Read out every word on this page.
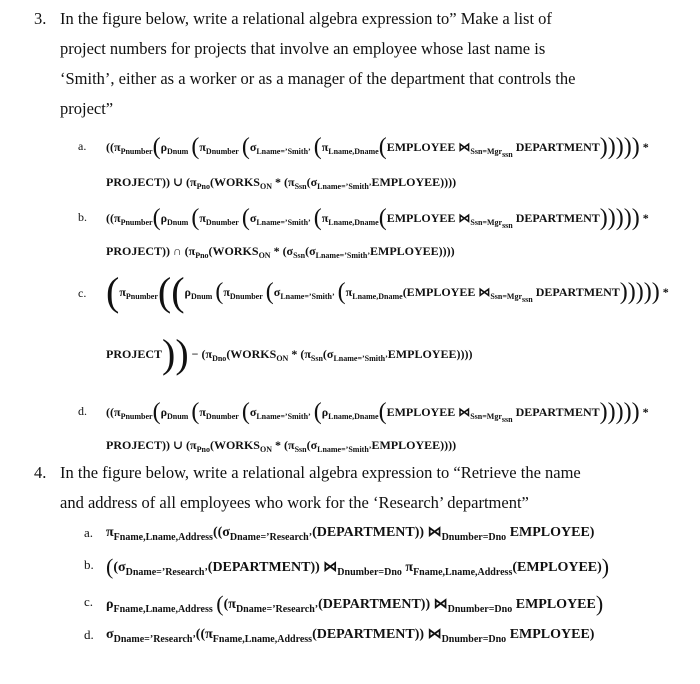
3. In the figure below, write a relational algebra expression to” Make a list of
project numbers for projects that involve an employee whose last name is
‘Smith’, either as a worker or as a manager of the department that controls the
project”
a. (($\pi_{Pnumber}(\rho_{Dnum}$ ($\pi_{Dnumber}$ ($\sigma_{Lname=’Smith’}$ ($\pi_{Lname,Dname}(EMPLOYEE$ $⋈_{Ssn=Mgr_{ssn}}$ DEPARTMENT))))) *
PROJECT)) ∪ ($\pi_{Pno}(WORKS_{ON}$ * $(\pi_{Ssn}(\sigma_{Lname=’Smith’}EMPLOYEE))$))
b. (($\pi_{Pnumber}(\rho_{Dnum}$ ($\pi_{Dnumber}$ ($\sigma_{Lname=’Smith’}$ ($\pi_{Lname,Dname}(EMPLOYEE$ $⋈_{Ssn=Mgr_{ssn}}$ DEPARTMENT))))) *
PROJECT)) ∩ ($\pi_{Pno}(WORKS_{ON}$ * $(\sigma_{Ssn}(\sigma_{Lname=’Smith’}EMPLOYEE))$))
c. ($\pi_{Pnumber}((\rho_{Dnum}$ ($\pi_{Dnumber}$ ($\sigma_{Lname=’Smith’}$ ($\pi_{Lname,Dname}(EMPLOYEE$ $⋈_{Ssn=Mgr_{ssn}}$ DEPARTMENT))))) *
PROJECT)) − ($\pi_{Dno}(WORKS_{ON}$ * $(\pi_{Ssn}(\sigma_{Lname=’Smith’}EMPLOYEE))$))
d. (($\pi_{Pnumber}(\rho_{Dnum}$ ($\pi_{Dnumber}$ ($\sigma_{Lname=’Smith’}$ ($\rho_{Lname,Dname}(EMPLOYEE$ $⋈_{Ssn=Mgr_{ssn}}$ DEPARTMENT))))) *
PROJECT)) ∪ ($\pi_{Pno}(WORKS_{ON}$ * $(\pi_{Ssn}(\sigma_{Lname=’Smith’}EMPLOYEE))$))
4. In the figure below, write a relational algebra expression to “Retrieve the name
and address of all employees who work for the ‘Research’ department”
a. $\pi_{Fname,Lname,Address}((\sigma_{Dname=’Research’}(DEPARTMENT))$ $⋈_{Dnumber=Dno}$ EMPLOYEE)
b. ($(\sigma_{Dname=’Research’}(DEPARTMENT))$ $⋈_{Dnumber=Dno}$ $\pi_{Fname,Lname,Address}(EMPLOYEE)$)
c. $\rho_{Fname,Lname,Address}$ ($(\pi_{Dname=’Research’}(DEPARTMENT))$ $⋈_{Dnumber=Dno}$ EMPLOYEE)
d. $\sigma_{Dname=’Research’}((\pi_{Fname,Lname,Address}(DEPARTMENT))$ $⋈_{Dnumber=Dno}$ EMPLOYEE)
